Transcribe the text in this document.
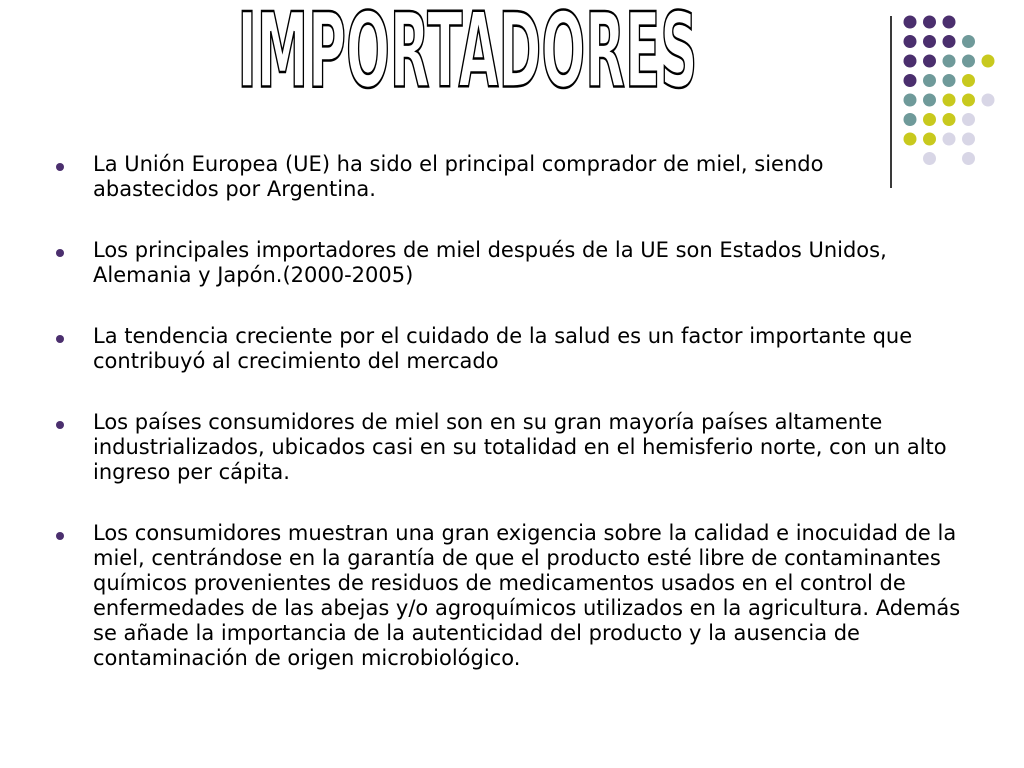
IMPORTADORES
La Unión Europea (UE) ha sido el principal comprador de miel, siendo abastecidos por Argentina.
Los principales importadores de miel después de la UE son Estados Unidos, Alemania y Japón.(2000-2005)
La tendencia creciente por el cuidado de la salud es un factor importante que contribuyó al crecimiento del mercado
Los países consumidores de miel son en su gran mayoría países altamente industrializados, ubicados casi en su totalidad en el hemisferio norte, con un alto ingreso per cápita.
Los consumidores muestran una gran exigencia sobre la calidad e inocuidad de la miel, centrándose en la garantía de que el producto esté libre de contaminantes químicos provenientes de residuos de medicamentos usados en el control de enfermedades de las abejas y/o agroquímicos utilizados en la agricultura. Además se añade la importancia de la autenticidad del producto y la ausencia de contaminación de origen microbiológico.
